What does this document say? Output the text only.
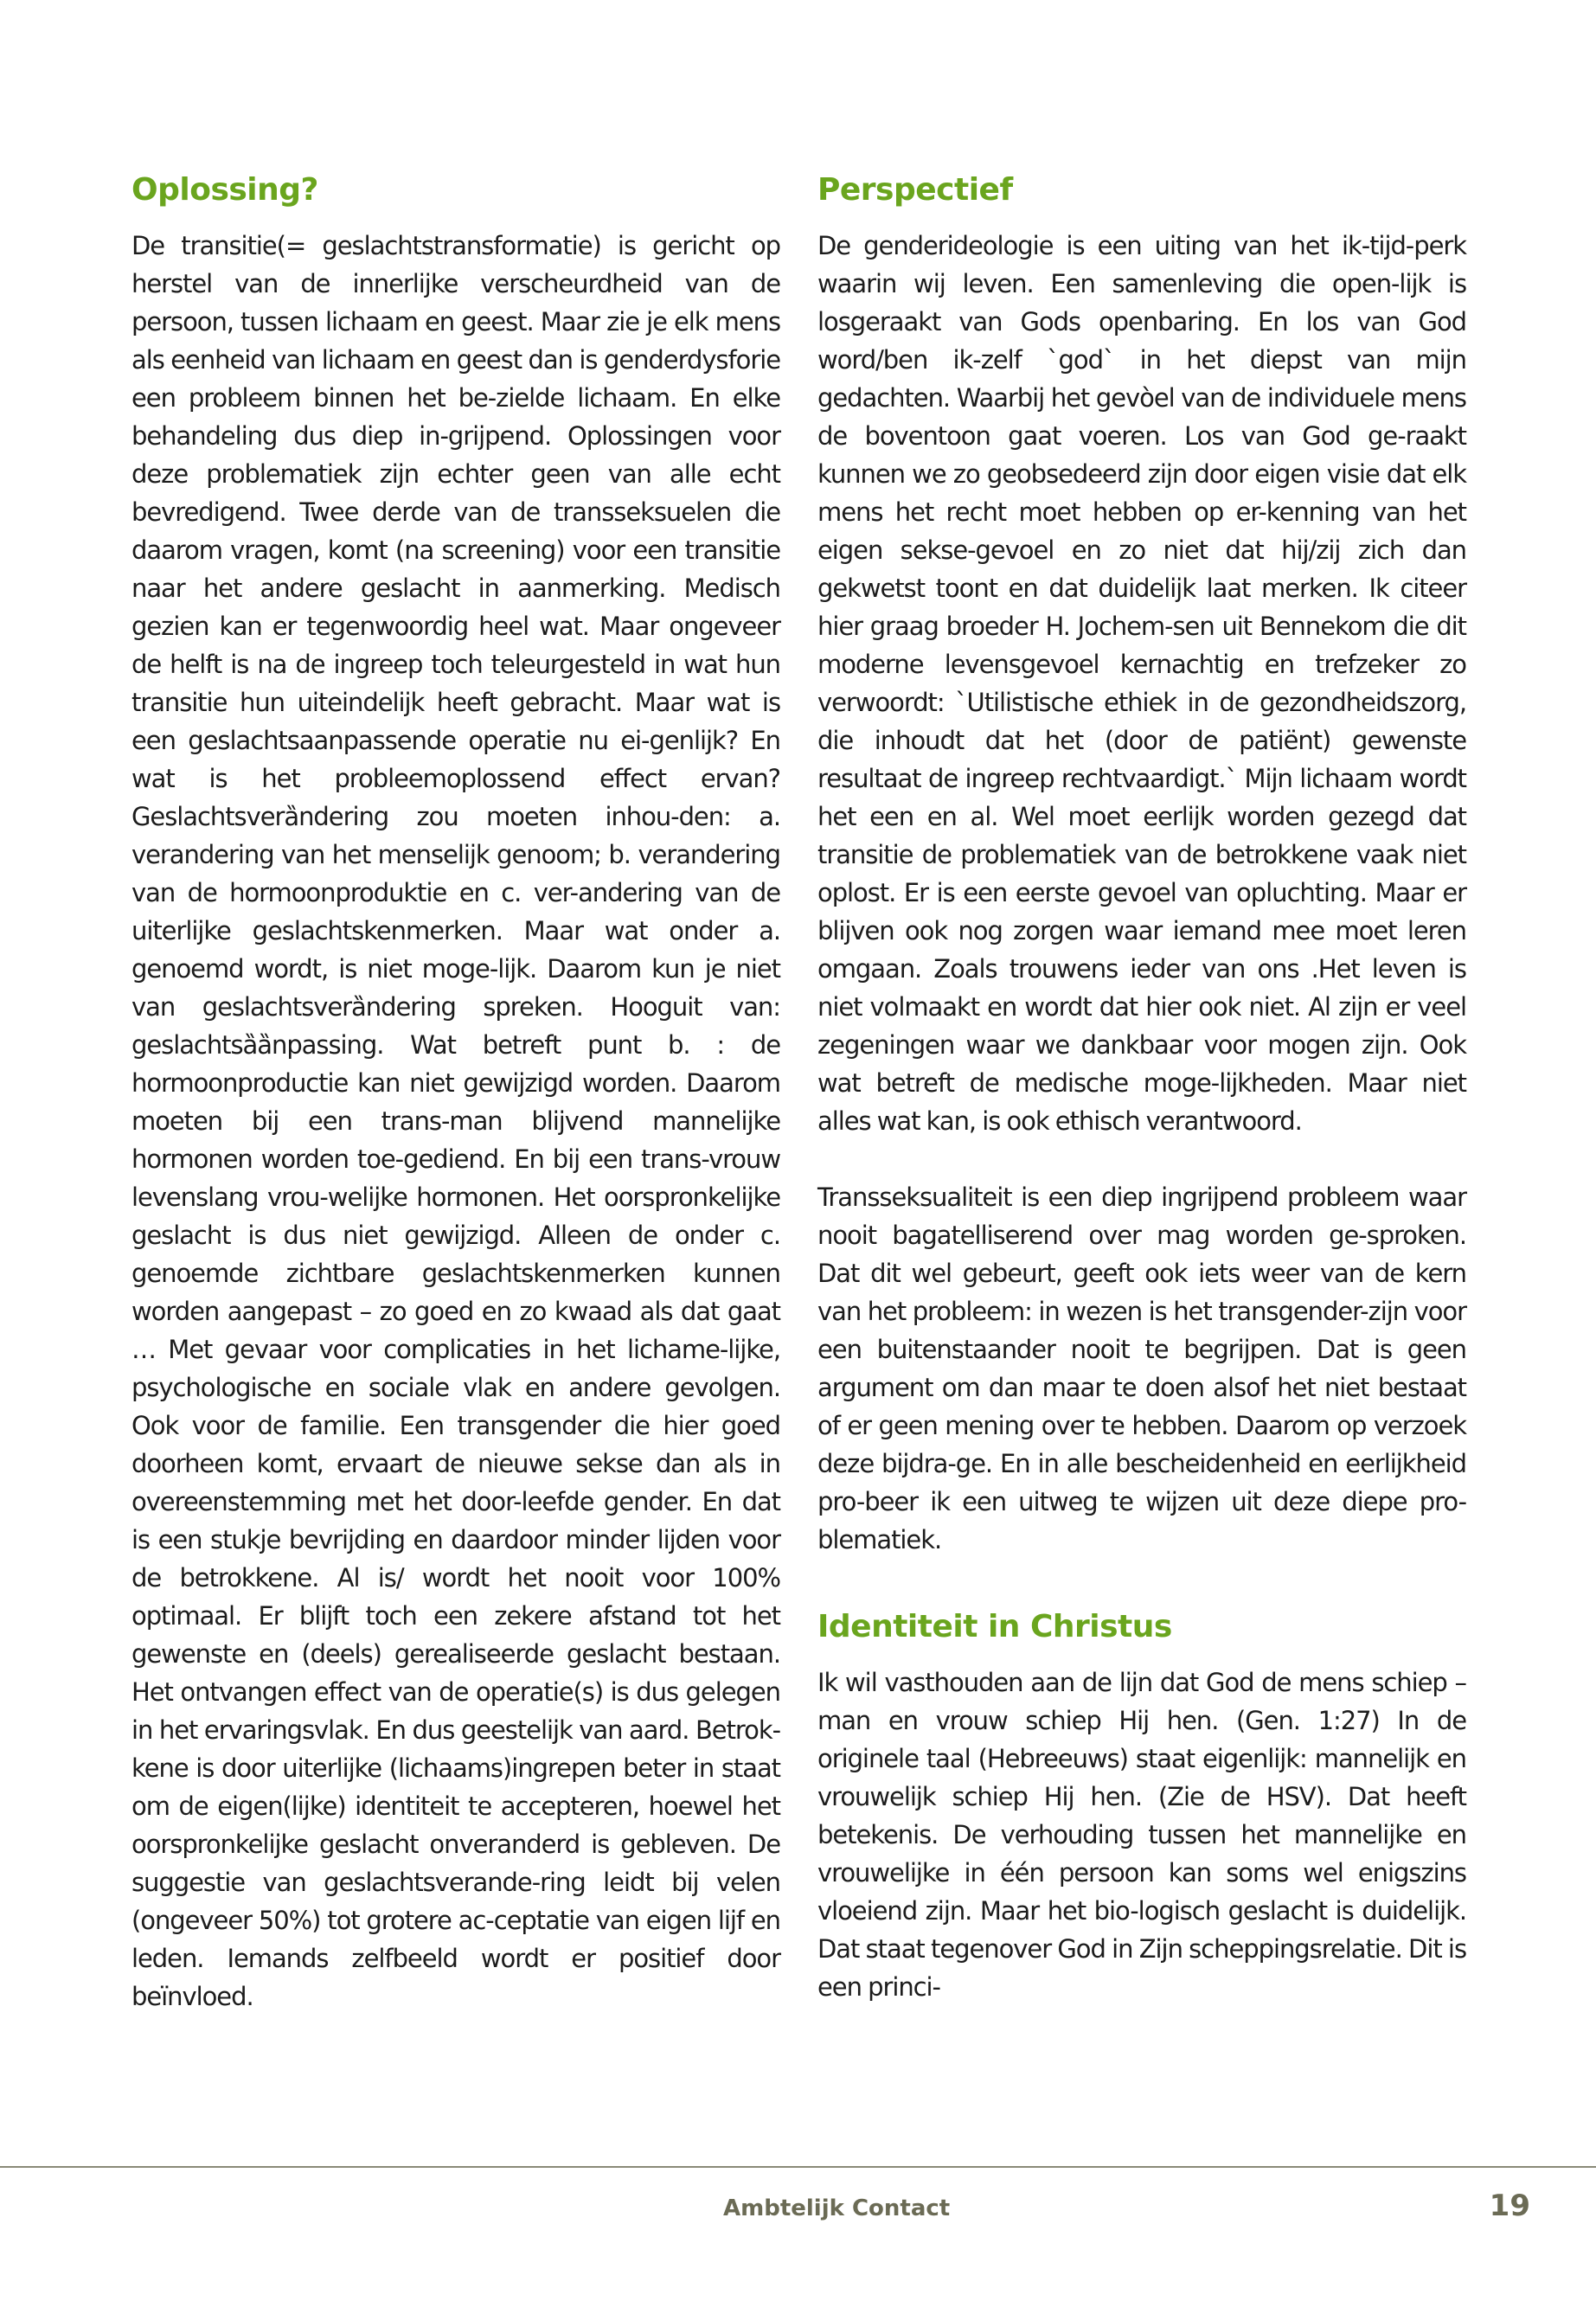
Oplossing?

De transitie(= geslachtstransformatie) is gericht op herstel van de innerlijke verscheurdheid van de persoon, tussen lichaam en geest. Maar zie je elk mens als eenheid van lichaam en geest dan is genderdysforie een probleem binnen het be-zielde lichaam. En elke behandeling dus diep in-grijpend. Oplossingen voor deze problematiek zijn echter geen van alle echt bevredigend. Twee derde van de transseksuelen die daarom vragen, komt (na screening) voor een transitie naar het andere geslacht in aanmerking. Medisch gezien kan er tegenwoordig heel wat. Maar ongeveer de helft is na de ingreep toch teleurgesteld in wat hun transitie hun uiteindelijk heeft gebracht. Maar wat is een geslachtsaanpassende operatie nu ei-genlijk? En wat is het probleemoplossend effect ervan? Geslachtsverȁndering zou moeten inhou-den: a. verandering van het menselijk genoom; b. verandering van de hormoonproduktie en c. ver-andering van de uiterlijke geslachtskenmerken. Maar wat onder a. genoemd wordt, is niet moge-lijk. Daarom kun je niet van geslachtsverȁndering spreken. Hooguit van: geslachtsȁȁnpassing. Wat betreft punt b. : de hormoonproductie kan niet gewijzigd worden. Daarom moeten bij een trans-man blijvend mannelijke hormonen worden toe-gediend. En bij een trans-vrouw levenslang vrou-welijke hormonen. Het oorspronkelijke geslacht is dus niet gewijzigd. Alleen de onder c. genoemde zichtbare geslachtskenmerken kunnen worden aangepast – zo goed en zo kwaad als dat gaat … Met gevaar voor complicaties in het lichame-lijke, psychologische en sociale vlak en andere gevolgen. Ook voor de familie. Een transgender die hier goed doorheen komt, ervaart de nieuwe sekse dan als in overeenstemming met het door-leefde gender. En dat is een stukje bevrijding en daardoor minder lijden voor de betrokkene. Al is/ wordt het nooit voor 100% optimaal. Er blijft toch een zekere afstand tot het gewenste en (deels) gerealiseerde geslacht bestaan. Het ontvangen effect van de operatie(s) is dus gelegen in het ervaringsvlak. En dus geestelijk van aard. Betrok-kene is door uiterlijke (lichaams)ingrepen beter in staat om de eigen(lijke) identiteit te accepteren, hoewel het oorspronkelijke geslacht onveranderd is gebleven. De suggestie van geslachtsverande-ring leidt bij velen (ongeveer 50%) tot grotere ac-ceptatie van eigen lijf en leden. Iemands zelfbeeld wordt er positief door beïnvloed.

Perspectief

De genderideologie is een uiting van het ik-tijd-perk waarin wij leven. Een samenleving die open-lijk is losgeraakt van Gods openbaring. En los van God word/ben ik-zelf `god` in het diepst van mijn gedachten. Waarbij het gevòel van de individuele mens de boventoon gaat voeren. Los van God ge-raakt kunnen we zo geobsedeerd zijn door eigen visie dat elk mens het recht moet hebben op er-kenning van het eigen sekse-gevoel en zo niet dat hij/zij zich dan gekwetst toont en dat duidelijk laat merken. Ik citeer hier graag broeder H. Jochem-sen uit Bennekom die dit moderne levensgevoel kernachtig en trefzeker zo verwoordt: `Utilistische ethiek in de gezondheidszorg, die inhoudt dat het (door de patiënt) gewenste resultaat de ingreep rechtvaardigt.` Mijn lichaam wordt het een en al. Wel moet eerlijk worden gezegd dat transitie de problematiek van de betrokkene vaak niet oplost. Er is een eerste gevoel van opluchting. Maar er blijven ook nog zorgen waar iemand mee moet leren omgaan. Zoals trouwens ieder van ons .Het leven is niet volmaakt en wordt dat hier ook niet. Al zijn er veel zegeningen waar we dankbaar voor mogen zijn. Ook wat betreft de medische moge-lijkheden. Maar niet alles wat kan, is ook ethisch verantwoord.

Transseksualiteit is een diep ingrijpend probleem waar nooit bagatelliserend over mag worden ge-sproken. Dat dit wel gebeurt, geeft ook iets weer van de kern van het probleem: in wezen is het transgender-zijn voor een buitenstaander nooit te begrijpen. Dat is geen argument om dan maar te doen alsof het niet bestaat of er geen mening over te hebben. Daarom op verzoek deze bijdra-ge. En in alle bescheidenheid en eerlijkheid pro-beer ik een uitweg te wijzen uit deze diepe pro-blematiek.

Identiteit in Christus

Ik wil vasthouden aan de lijn dat God de mens schiep – man en vrouw schiep Hij hen. (Gen. 1:27) In de originele taal (Hebreeuws) staat eigenlijk: mannelijk en vrouwelijk schiep Hij hen. (Zie de HSV). Dat heeft betekenis. De verhouding tussen het mannelijke en vrouwelijke in één persoon kan soms wel enigszins vloeiend zijn. Maar het bio-logisch geslacht is duidelijk. Dat staat tegenover God in Zijn scheppingsrelatie. Dit is een princi-

Ambtelijk Contact	19
